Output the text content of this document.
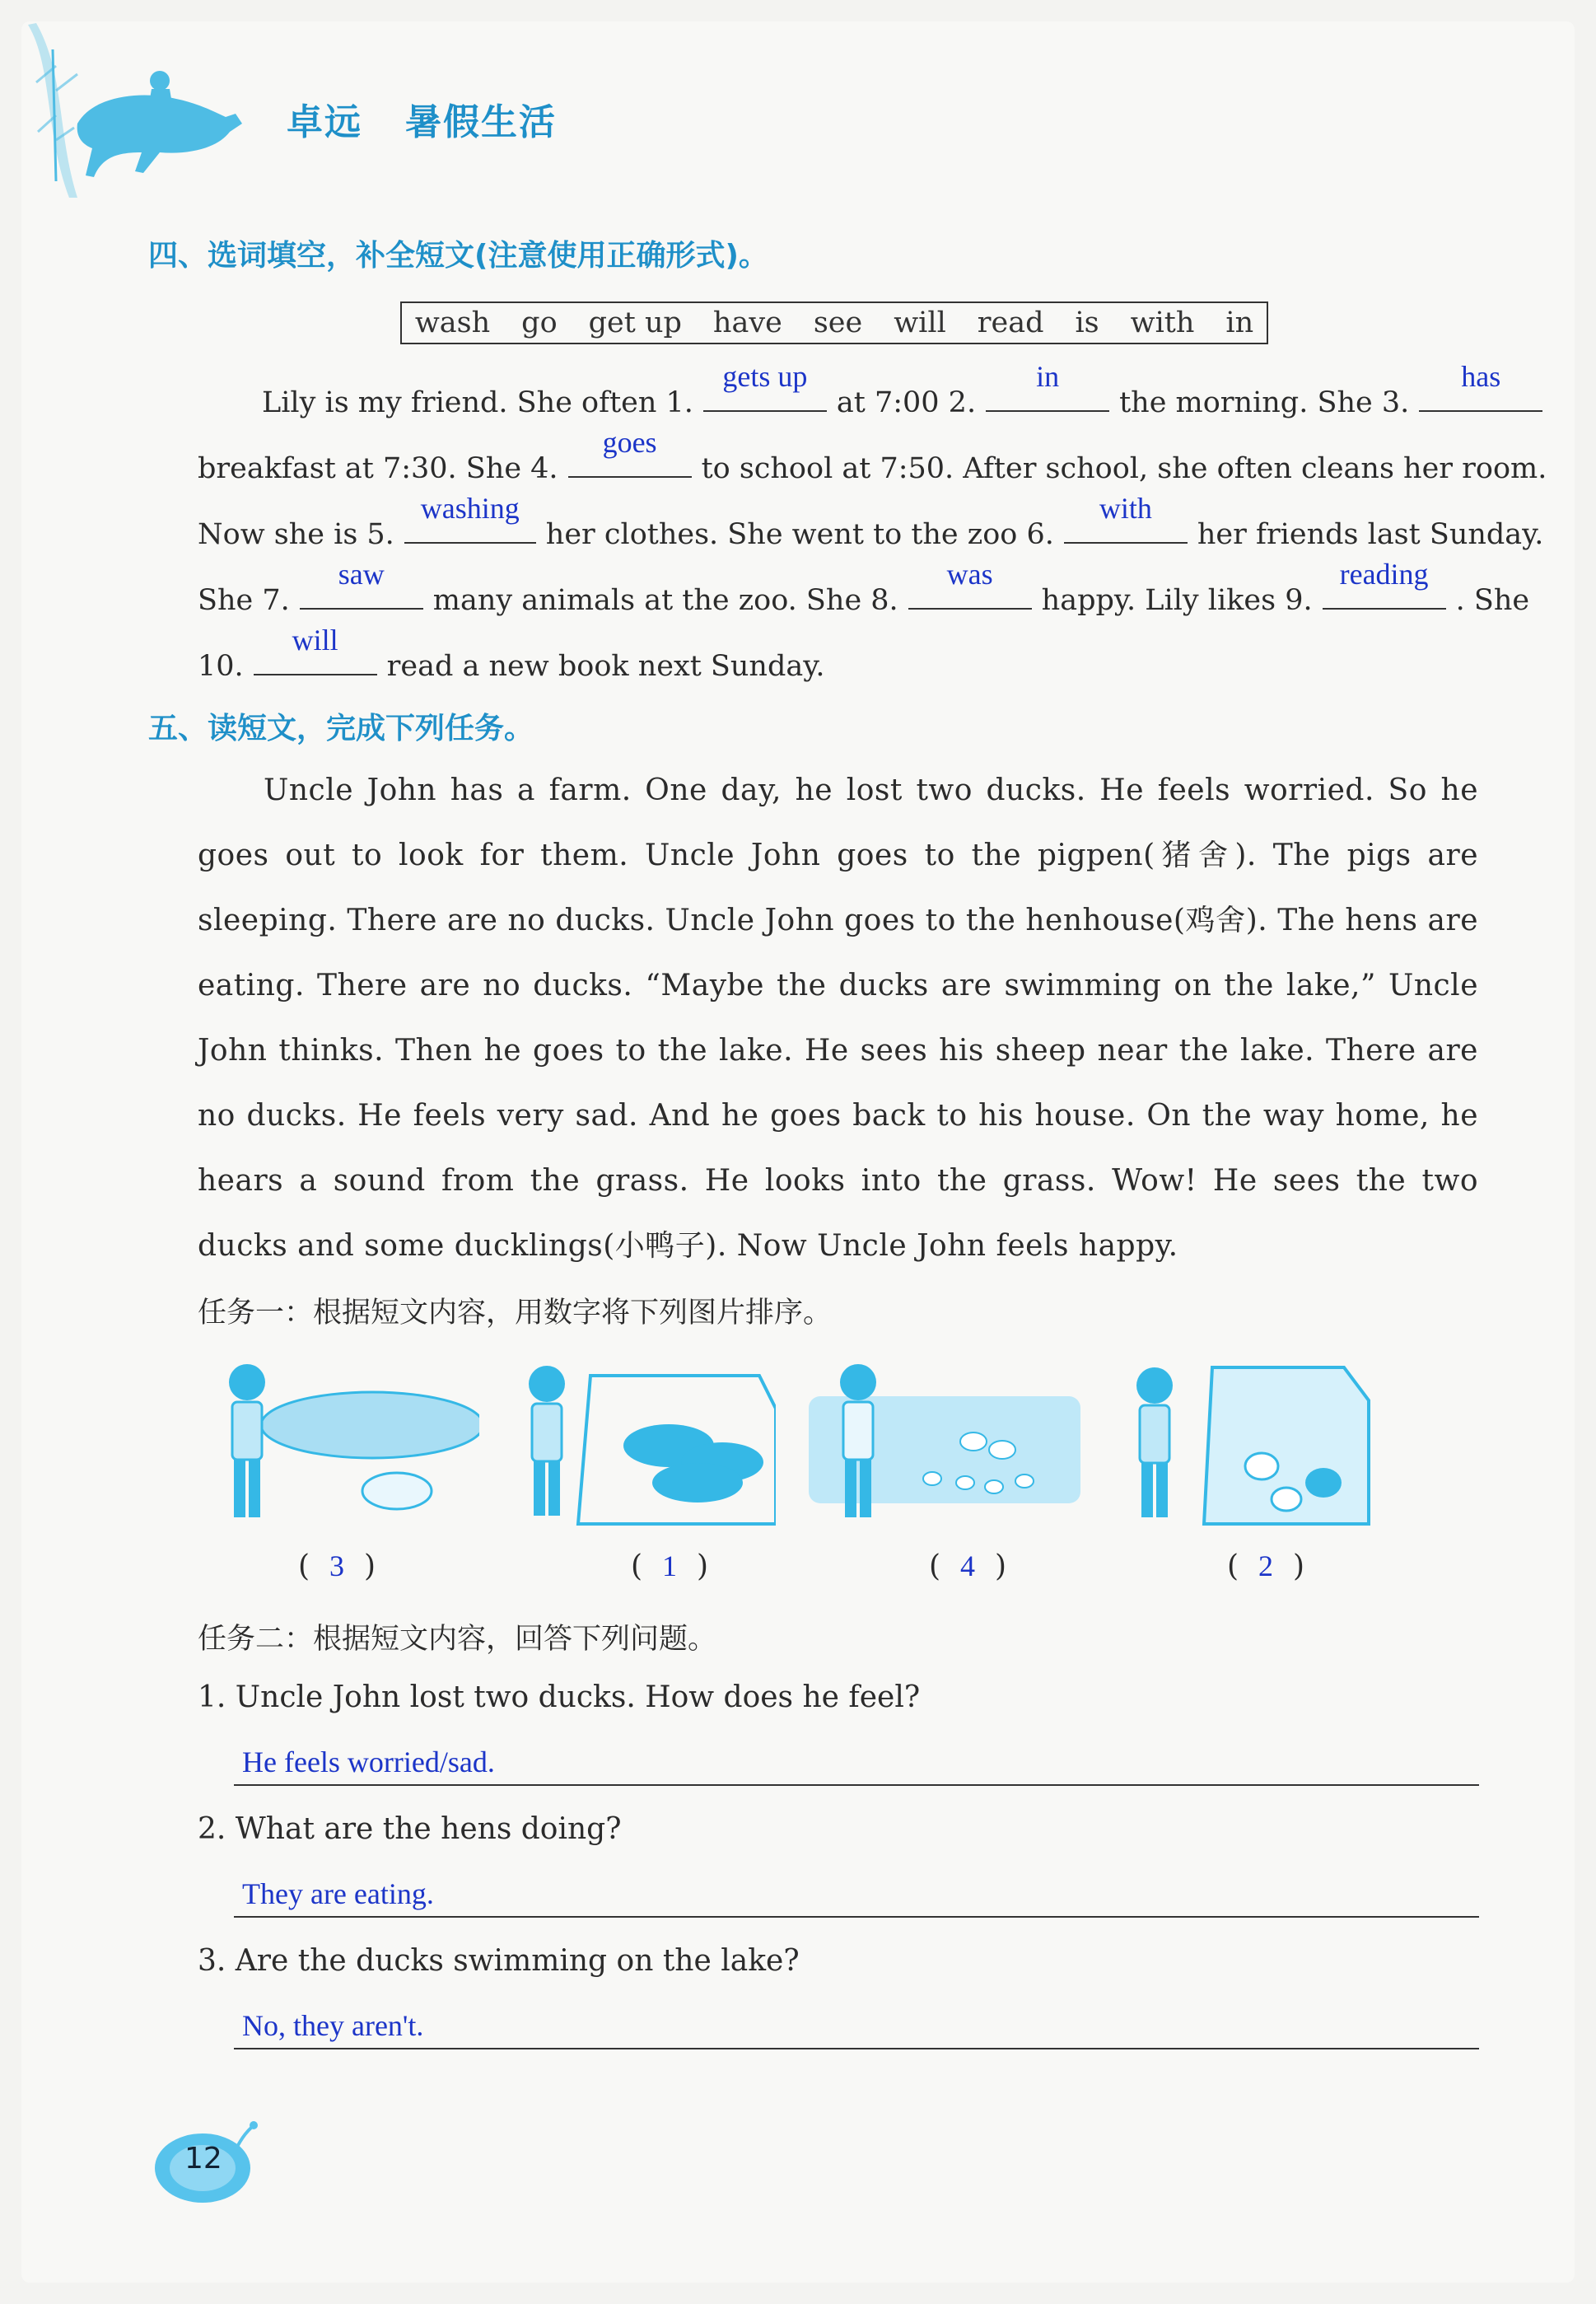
卓远 暑假生活
四、选词填空，补全短文(注意使用正确形式)。
wash go get up have see will read is with in
Lily is my friend. She often 1.
gets up
at 7:00 2.
in
the morning. She 3.
has
breakfast at 7:30. She 4.
goes
to school at 7:50. After school, she often cleans her room.
Now she is 5.
washing
her clothes. She went to the zoo 6.
with
her friends last Sunday.
She 7.
saw
many animals at the zoo. She 8.
was
happy. Lily likes 9.
reading
. She
10.
will
read a new book next Sunday.
五、读短文，完成下列任务。

Uncle John has a farm. One day, he lost two ducks. He feels worried. So he goes out to look for them. Uncle John goes to the pigpen(猪舍). The pigs are sleeping. There are no ducks. Uncle John goes to the henhouse(鸡舍). The hens are eating. There are no ducks. “Maybe the ducks are swimming on the lake,” Uncle John thinks. Then he goes to the lake. He sees his sheep near the lake. There are no ducks. He feels very sad. And he goes back to his house. On the way home, he hears a sound from the grass. He looks into the grass. Wow! He sees the two ducks and some ducklings(小鸭子). Now Uncle John feels happy.

任务一：根据短文内容，用数字将下列图片排序。
( 3 )	( 1 )	( 4 )	( 2 )
任务二：根据短文内容，回答下列问题。
1. Uncle John lost two ducks. How does he feel?
He feels worried/sad.
2. What are the hens doing?
They are eating.
3. Are the ducks swimming on the lake?
No, they aren't.
12
